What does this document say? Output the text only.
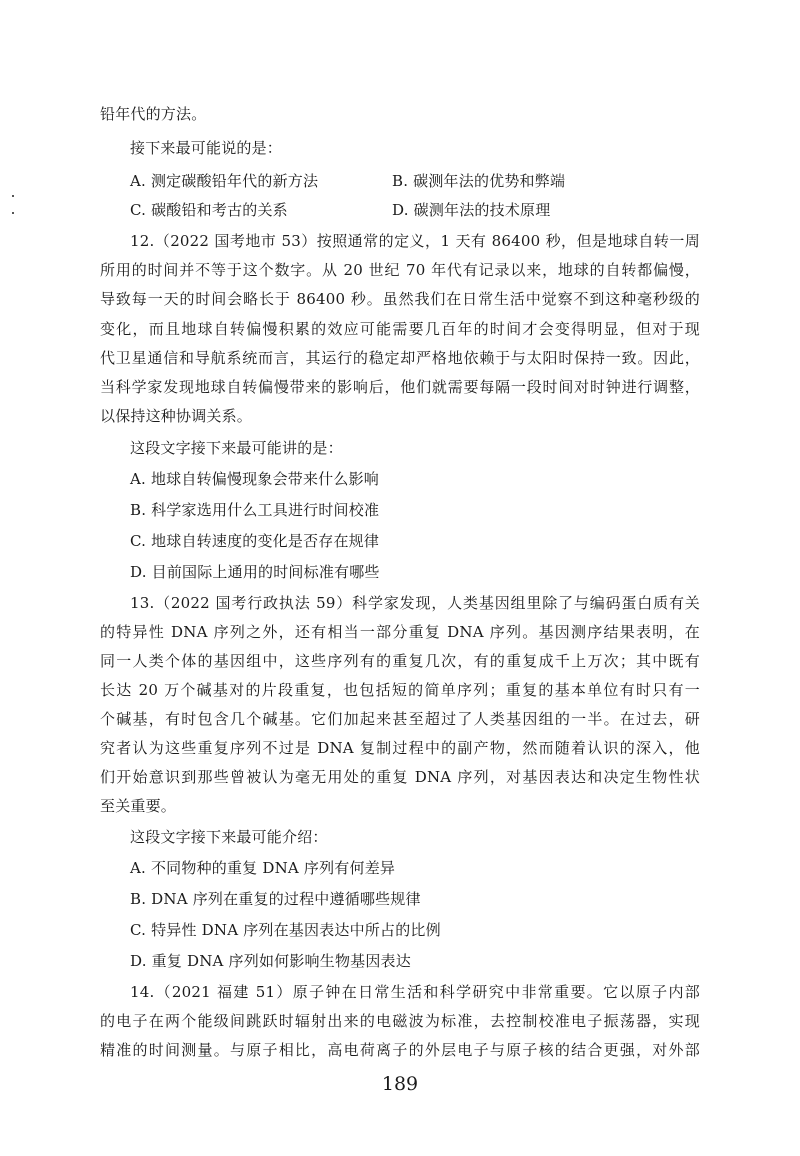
铅年代的方法。
接下来最可能说的是：
A. 测定碳酸铅年代的新方法	B. 碳测年法的优势和弊端
C. 碳酸铅和考古的关系	D. 碳测年法的技术原理
12.（2022 国考地市 53）按照通常的定义，1 天有 86400 秒，但是地球自转一周
所用的时间并不等于这个数字。从 20 世纪 70 年代有记录以来，地球的自转都偏慢，
导致每一天的时间会略长于 86400 秒。虽然我们在日常生活中觉察不到这种毫秒级的
变化，而且地球自转偏慢积累的效应可能需要几百年的时间才会变得明显，但对于现
代卫星通信和导航系统而言，其运行的稳定却严格地依赖于与太阳时保持一致。因此，
当科学家发现地球自转偏慢带来的影响后，他们就需要每隔一段时间对时钟进行调整，
以保持这种协调关系。
这段文字接下来最可能讲的是：
A. 地球自转偏慢现象会带来什么影响
B. 科学家选用什么工具进行时间校准
C. 地球自转速度的变化是否存在规律
D. 目前国际上通用的时间标准有哪些
13.（2022 国考行政执法 59）科学家发现，人类基因组里除了与编码蛋白质有关
的特异性 DNA 序列之外，还有相当一部分重复 DNA 序列。基因测序结果表明，在
同一人类个体的基因组中，这些序列有的重复几次，有的重复成千上万次；其中既有
长达 20 万个碱基对的片段重复，也包括短的简单序列；重复的基本单位有时只有一
个碱基，有时包含几个碱基。它们加起来甚至超过了人类基因组的一半。在过去，研
究者认为这些重复序列不过是 DNA 复制过程中的副产物，然而随着认识的深入，他
们开始意识到那些曾被认为毫无用处的重复 DNA 序列，对基因表达和决定生物性状
至关重要。
这段文字接下来最可能介绍：
A. 不同物种的重复 DNA 序列有何差异
B. DNA 序列在重复的过程中遵循哪些规律
C. 特异性 DNA 序列在基因表达中所占的比例
D. 重复 DNA 序列如何影响生物基因表达
14.（2021 福建 51）原子钟在日常生活和科学研究中非常重要。它以原子内部
的电子在两个能级间跳跃时辐射出来的电磁波为标准，去控制校准电子振荡器，实现
精准的时间测量。与原子相比，高电荷离子的外层电子与原子核的结合更强，对外部
189
